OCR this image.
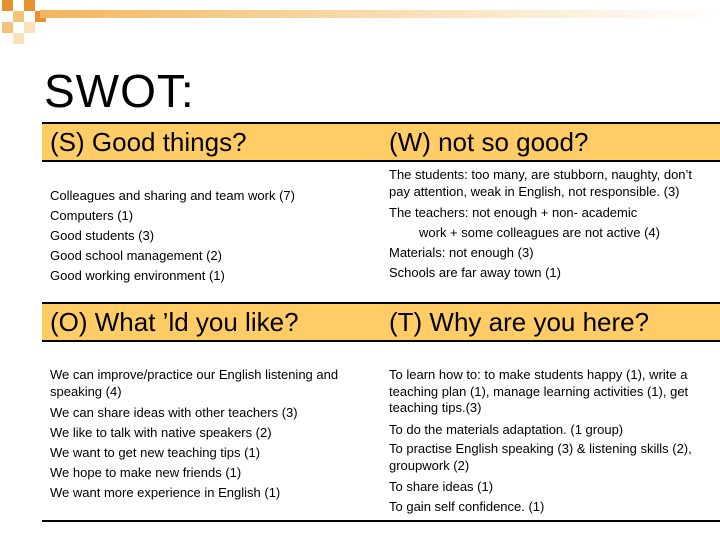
SWOT:
(S) Good things?	(W) not so good?
Colleagues and sharing and team work (7)
Computers (1)
Good students (3)
Good school management (2)
Good working environment (1)
The students: too many, are stubborn, naughty, don’t pay attention, weak in English, not responsible. (3)
The teachers: not enough + non- academic
work + some colleagues are not active (4)
Materials: not enough (3)
Schools are far away town (1)
(O) What ’ld you like?	(T) Why are you here?
We can improve/practice our English listening and speaking (4)
We can share ideas with other teachers (3)
We like to talk with native speakers (2)
We want to get new teaching tips (1)
We hope to make new friends (1)
We want more experience in English (1)
To learn how to: to make students happy (1), write a teaching plan (1), manage learning activities (1), get teaching tips.(3)
To do the materials adaptation. (1 group)
To practise English speaking (3) & listening skills (2), groupwork (2)
To share ideas (1)
To gain self confidence. (1)
